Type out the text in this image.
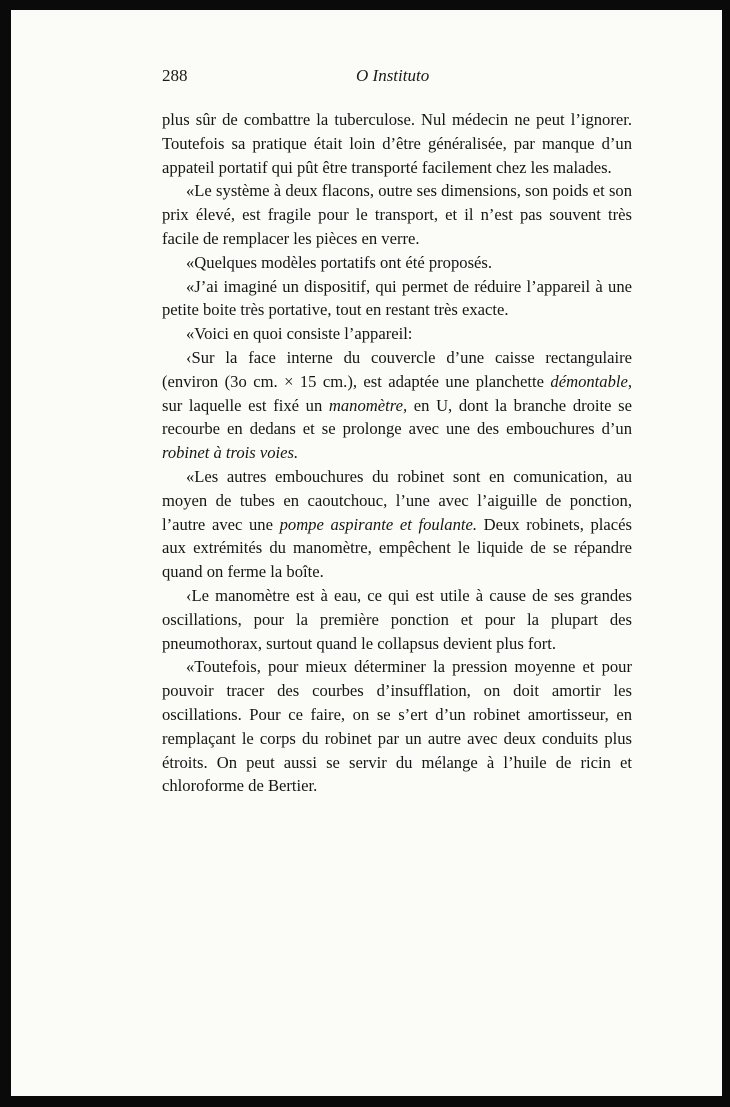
288	O Instituto

plus sûr de combattre la tuberculose. Nul médecin ne peut l’ignorer. Toutefois sa pratique était loin d’être généralisée, par manque d’un appateil portatif qui pût être transporté facilement chez les malades.

«Le système à deux flacons, outre ses dimensions, son poids et son prix élevé, est fragile pour le transport, et il n’est pas souvent très facile de remplacer les pièces en verre.

«Quelques modèles portatifs ont été proposés.

«J’ai imaginé un dispositif, qui permet de réduire l’appareil à une petite boite très portative, tout en restant très exacte.

«Voici en quoi consiste l’appareil:

‹Sur la face interne du couvercle d’une caisse rectangulaire (environ (3o cm. × 15 cm.), est adaptée une planchette démontable, sur laquelle est fixé un manomètre, en U, dont la branche droite se recourbe en dedans et se prolonge avec une des embouchures d’un robinet à trois voies.

«Les autres embouchures du robinet sont en comunication, au moyen de tubes en caoutchouc, l’une avec l’aiguille de ponction, l’autre avec une pompe aspirante et foulante. Deux robinets, placés aux extrémités du manomètre, empêchent le liquide de se répandre quand on ferme la boîte.

‹Le manomètre est à eau, ce qui est utile à cause de ses grandes oscillations, pour la première ponction et pour la plupart des pneumothorax, surtout quand le collapsus devient plus fort.

«Toutefois, pour mieux déterminer la pression moyenne et pour pouvoir tracer des courbes d’insufflation, on doit amortir les oscillations. Pour ce faire, on se s’ert d’un robinet amortisseur, en remplaçant le corps du robinet par un autre avec deux conduits plus étroits. On peut aussi se servir du mélange à l’huile de ricin et chloroforme de Bertier.
